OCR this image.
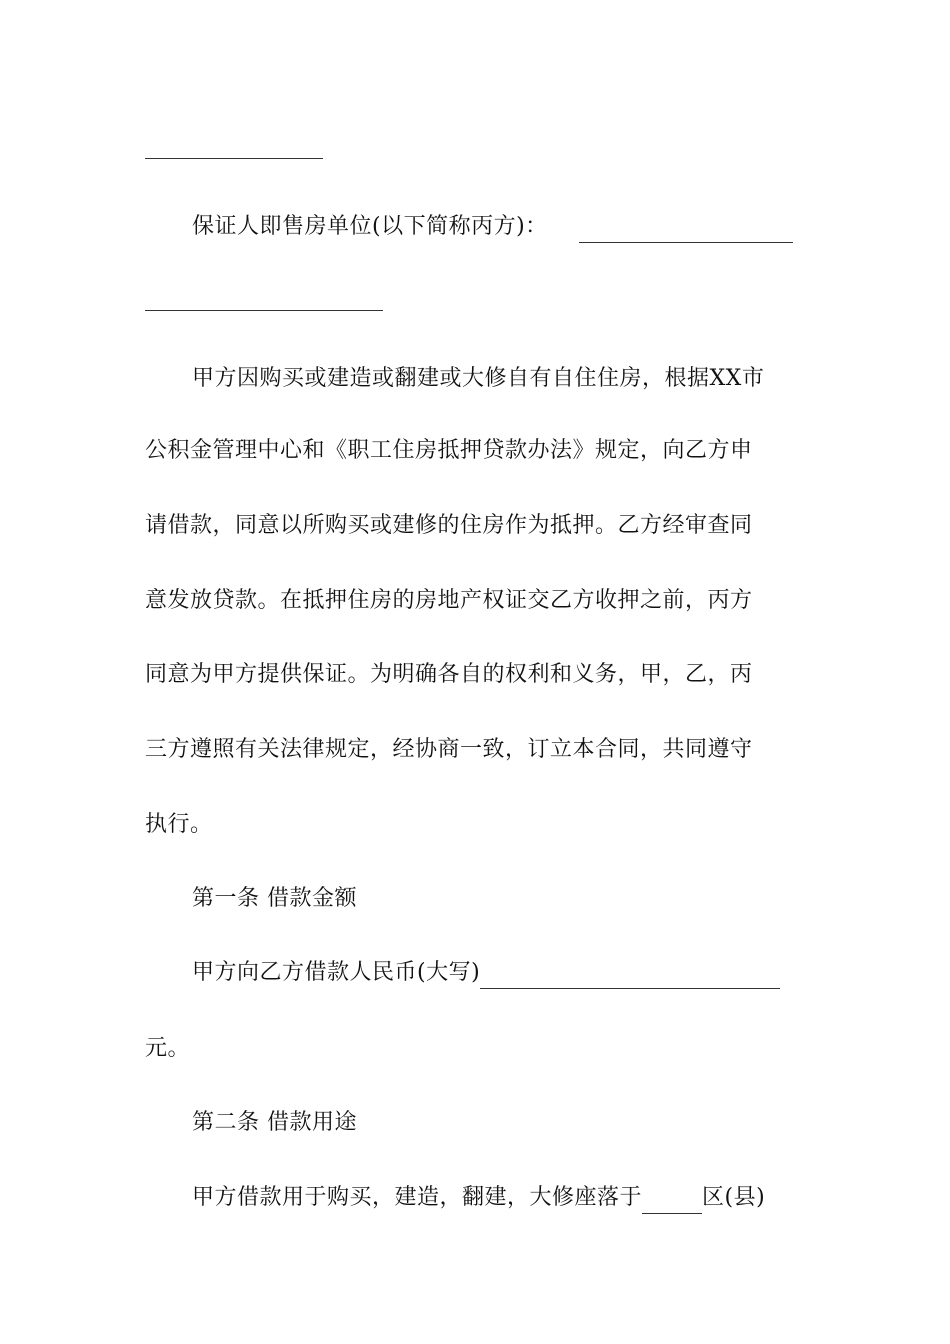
保证人即售房单位(以下简称丙方)：
甲方因购买或建造或翻建或大修自有自住住房，根据XX市
公积金管理中心和《职工住房抵押贷款办法》规定，向乙方申
请借款，同意以所购买或建修的住房作为抵押。乙方经审查同
意发放贷款。在抵押住房的房地产权证交乙方收押之前，丙方
同意为甲方提供保证。为明确各自的权利和义务，甲，乙，丙
三方遵照有关法律规定，经协商一致，订立本合同，共同遵守
执行。
第一条 借款金额
甲方向乙方借款人民币(大写)
元。
第二条 借款用途
甲方借款用于购买，建造，翻建，大修座落于	区(县)
